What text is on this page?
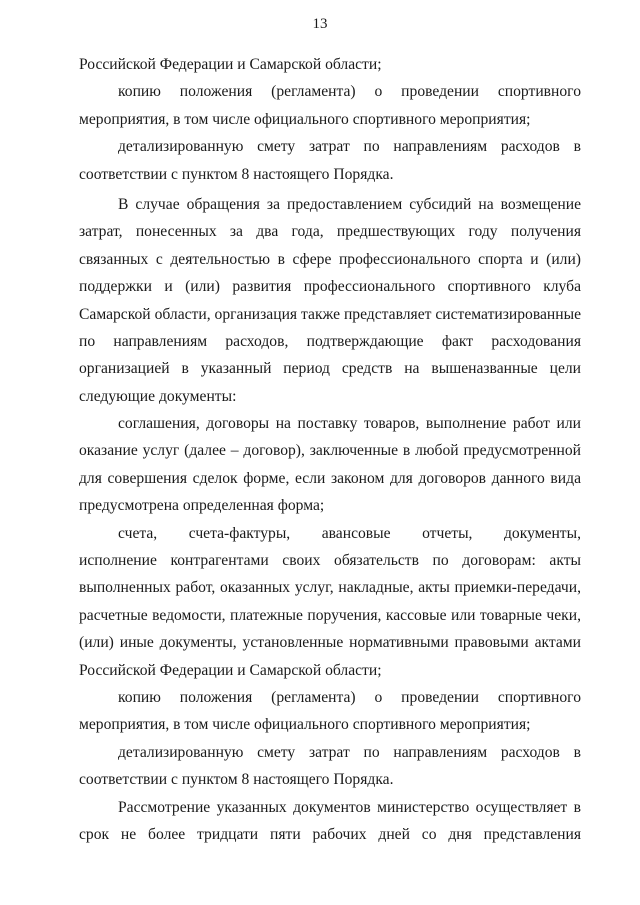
13
Российской Федерации и Самарской области;
копию положения (регламента) о проведении спортивного
мероприятия, в том числе официального спортивного мероприятия;
детализированную смету затрат по направлениям расходов в
соответствии с пунктом 8 настоящего Порядка.
В случае обращения за предоставлением субсидий на возмещение
затрат, понесенных за два года, предшествующих году получения
связанных с деятельностью в сфере профессионального спорта и (или)
поддержки и (или) развития профессионального спортивного клуба
Самарской области, организация также представляет систематизированные
по направлениям расходов, подтверждающие факт расходования
организацией в указанный период средств на вышеназванные цели
следующие документы:
соглашения, договоры на поставку товаров, выполнение работ или
оказание услуг (далее – договор), заключенные в любой предусмотренной
для совершения сделок форме, если законом для договоров данного вида
предусмотрена определенная форма;
счета, счета-фактуры, авансовые отчеты, документы,
исполнение контрагентами своих обязательств по договорам: акты
выполненных работ, оказанных услуг, накладные, акты приемки-передачи,
расчетные ведомости, платежные поручения, кассовые или товарные чеки,
(или) иные документы, установленные нормативными правовыми актами
Российской Федерации и Самарской области;
копию положения (регламента) о проведении спортивного
мероприятия, в том числе официального спортивного мероприятия;
детализированную смету затрат по направлениям расходов в
соответствии с пунктом 8 настоящего Порядка.
Рассмотрение указанных документов министерство осуществляет в
срок не более тридцати пяти рабочих дней со дня представления
